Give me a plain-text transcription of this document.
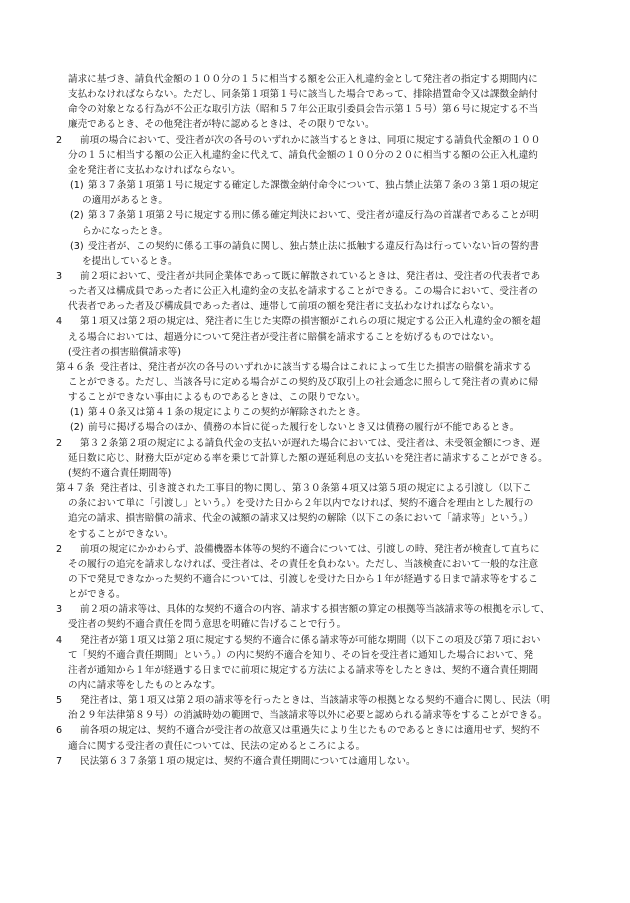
請求に基づき、請負代金額の１００分の１５に相当する額を公正入札違約金として発注者の指定する期間内に
支払わなければならない。ただし、同条第１項第１号に該当した場合であって、排除措置命令又は課徴金納付
命令の対象となる行為が不公正な取引方法（昭和５７年公正取引委員会告示第１５号）第６号に規定する不当
廉売であるとき、その他発注者が特に認めるときは、その限りでない。
2	前項の場合において、受注者が次の各号のいずれかに該当するときは、同項に規定する請負代金額の１００
分の１５に相当する額の公正入札違約金に代えて、請負代金額の１００分の２０に相当する額の公正入札違約
金を発注者に支払わなければならない。
(1) 第３７条第１項第１号に規定する確定した課徴金納付命令について、独占禁止法第７条の３第１項の規定
の適用があるとき。
(2) 第３７条第１項第２号に規定する刑に係る確定判決において、受注者が違反行為の首謀者であることが明
らかになったとき。
(3) 受注者が、この契約に係る工事の請負に関し、独占禁止法に抵触する違反行為は行っていない旨の誓約書
を提出しているとき。
3	前２項において、受注者が共同企業体であって既に解散されているときは、発注者は、受注者の代表者であ
った者又は構成員であった者に公正入札違約金の支払を請求することができる。この場合において、受注者の
代表者であった者及び構成員であった者は、連帯して前項の額を発注者に支払わなければならない。
4	第１項又は第２項の規定は、発注者に生じた実際の損害額がこれらの項に規定する公正入札違約金の額を超
える場合においては、超過分について発注者が受注者に賠償を請求することを妨げるものではない。
(受注者の損害賠償請求等)
第４６条 受注者は、発注者が次の各号のいずれかに該当する場合はこれによって生じた損害の賠償を請求する
ことができる。ただし、当該各号に定める場合がこの契約及び取引上の社会通念に照らして発注者の責めに帰
することができない事由によるものであるときは、この限りでない。
(1) 第４０条又は第４１条の規定によりこの契約が解除されたとき。
(2) 前号に掲げる場合のほか、債務の本旨に従った履行をしないとき又は債務の履行が不能であるとき。
2	第３２条第２項の規定による請負代金の支払いが遅れた場合においては、受注者は、未受領金額につき、遅
延日数に応じ、財務大臣が定める率を乗じて計算した額の遅延利息の支払いを発注者に請求することができる。
(契約不適合責任期間等)
第４７条 発注者は、引き渡された工事目的物に関し、第３０条第４項又は第５項の規定による引渡し（以下こ
の条において単に「引渡し」という。）を受けた日から２年以内でなければ、契約不適合を理由とした履行の
追完の請求、損害賠償の請求、代金の減額の請求又は契約の解除（以下この条において「請求等」という。）
をすることができない。
2	前項の規定にかかわらず、設備機器本体等の契約不適合については、引渡しの時、発注者が検査して直ちに
その履行の追完を請求しなければ、受注者は、その責任を負わない。ただし、当該検査において一般的な注意
の下で発見できなかった契約不適合については、引渡しを受けた日から１年が経過する日まで請求等をするこ
とができる。
3	前２項の請求等は、具体的な契約不適合の内容、請求する損害額の算定の根拠等当該請求等の根拠を示して、
受注者の契約不適合責任を問う意思を明確に告げることで行う。
4	発注者が第１項又は第２項に規定する契約不適合に係る請求等が可能な期間（以下この項及び第７項におい
て「契約不適合責任期間」という。）の内に契約不適合を知り、その旨を受注者に通知した場合において、発
注者が通知から１年が経過する日までに前項に規定する方法による請求等をしたときは、契約不適合責任期間
の内に請求等をしたものとみなす。
5	発注者は、第１項又は第２項の請求等を行ったときは、当該請求等の根拠となる契約不適合に関し、民法（明
治２９年法律第８９号）の消滅時効の範囲で、当該請求等以外に必要と認められる請求等をすることができる。
6	前各項の規定は、契約不適合が受注者の故意又は重過失により生じたものであるときには適用せず、契約不
適合に関する受注者の責任については、民法の定めるところによる。
7	民法第６３７条第１項の規定は、契約不適合責任期間については適用しない。
